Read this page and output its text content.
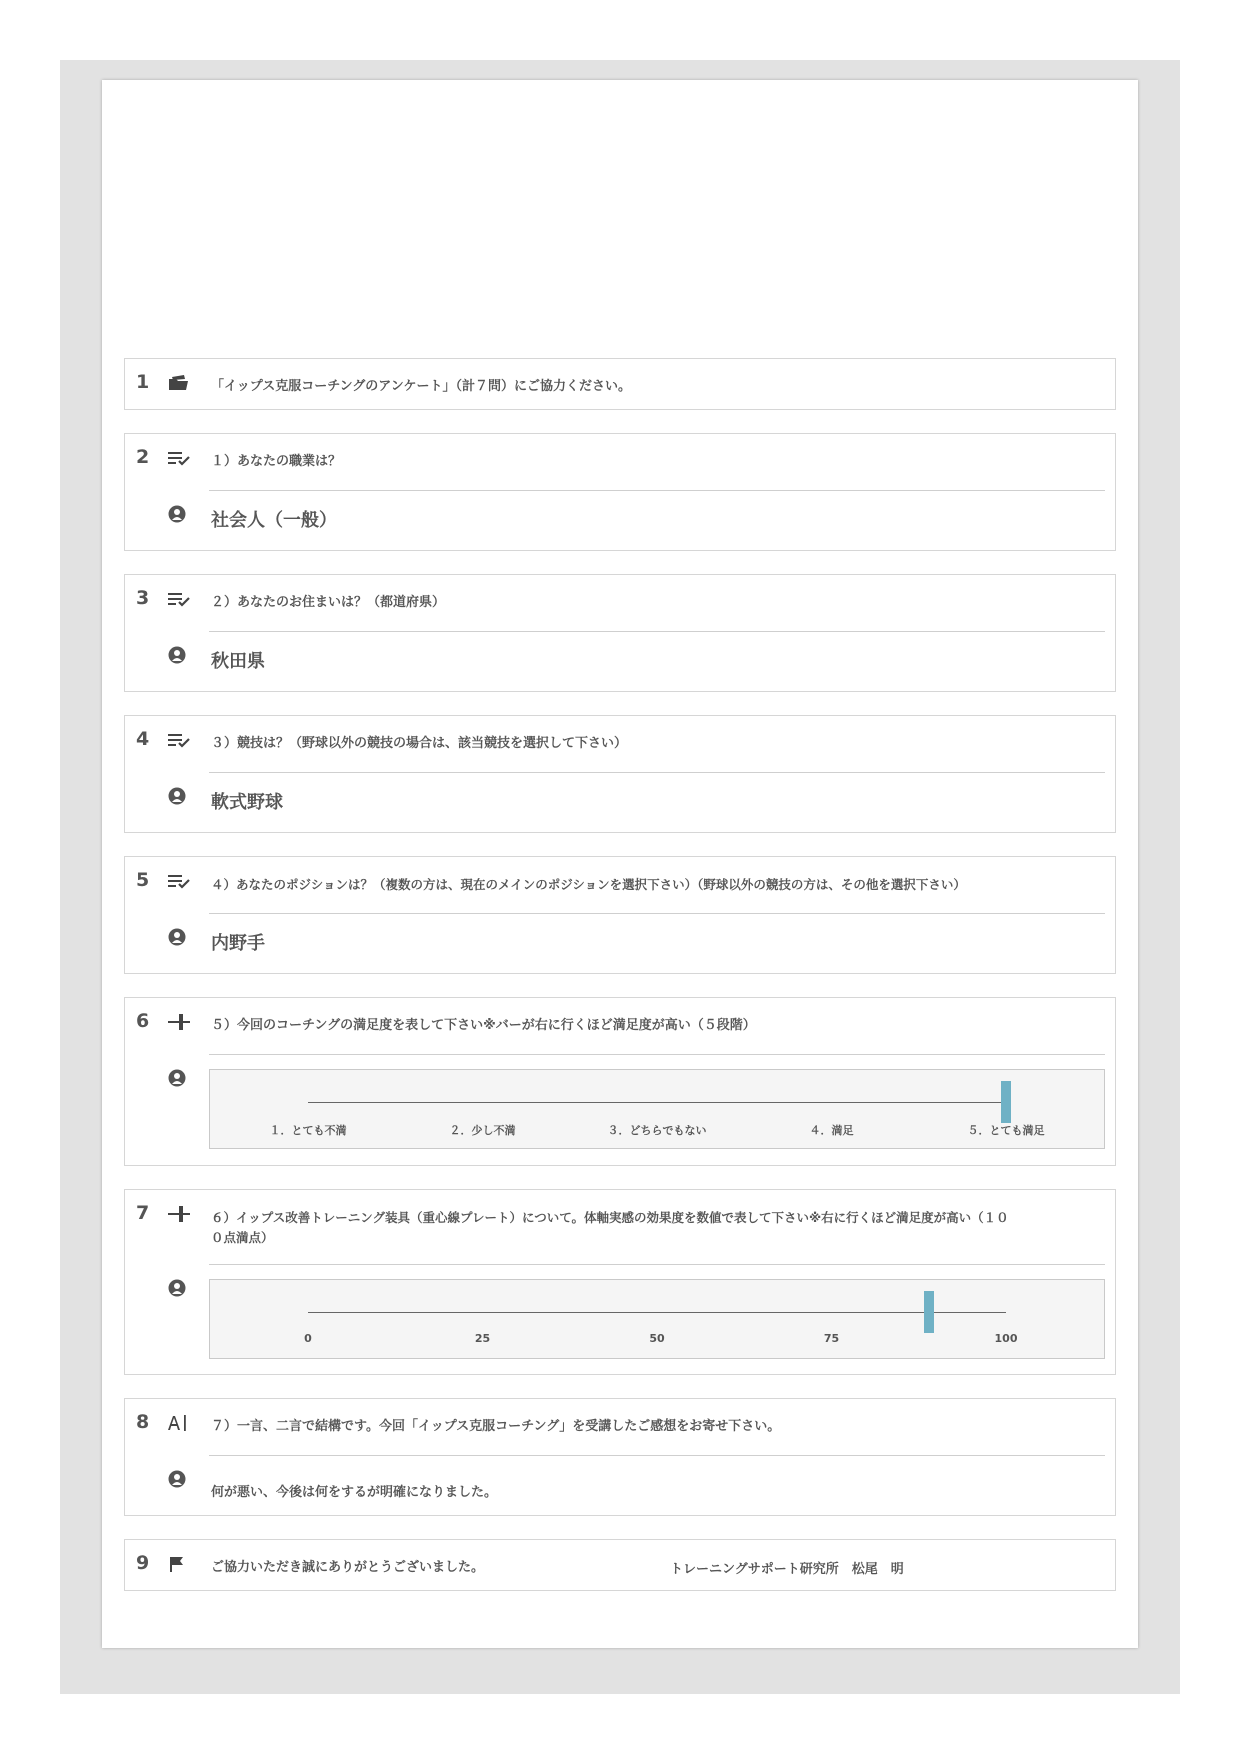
1	「イップス克服コーチングのアンケート」（計７問）にご協力ください。
2	１）あなたの職業は？
社会人（一般）
3	２）あなたのお住まいは？（都道府県）
秋田県
4	３）競技は？（野球以外の競技の場合は、該当競技を選択して下さい）
軟式野球
5	４）あなたのポジションは？（複数の方は、現在のメインのポジションを選択下さい）（野球以外の競技の方は、その他を選択下さい）
内野手
6	５）今回のコーチングの満足度を表して下さい※バーが右に行くほど満足度が高い（５段階）
１．とても不満	２．少し不満	３．どちらでもない	４．満足	５．とても満足
7	６）イップス改善トレーニング装具（重心線プレート）について。体軸実感の効果度を数値で表して下さい※右に行くほど満足度が高い（１０
０点満点）
0	25	50	75	100
8	７）一言、二言で結構です。今回「イップス克服コーチング」を受講したご感想をお寄せ下さい。
何が悪い、今後は何をするが明確になりました。
9	ご協力いただき誠にありがとうございました。	トレーニングサポート研究所　松尾　明
